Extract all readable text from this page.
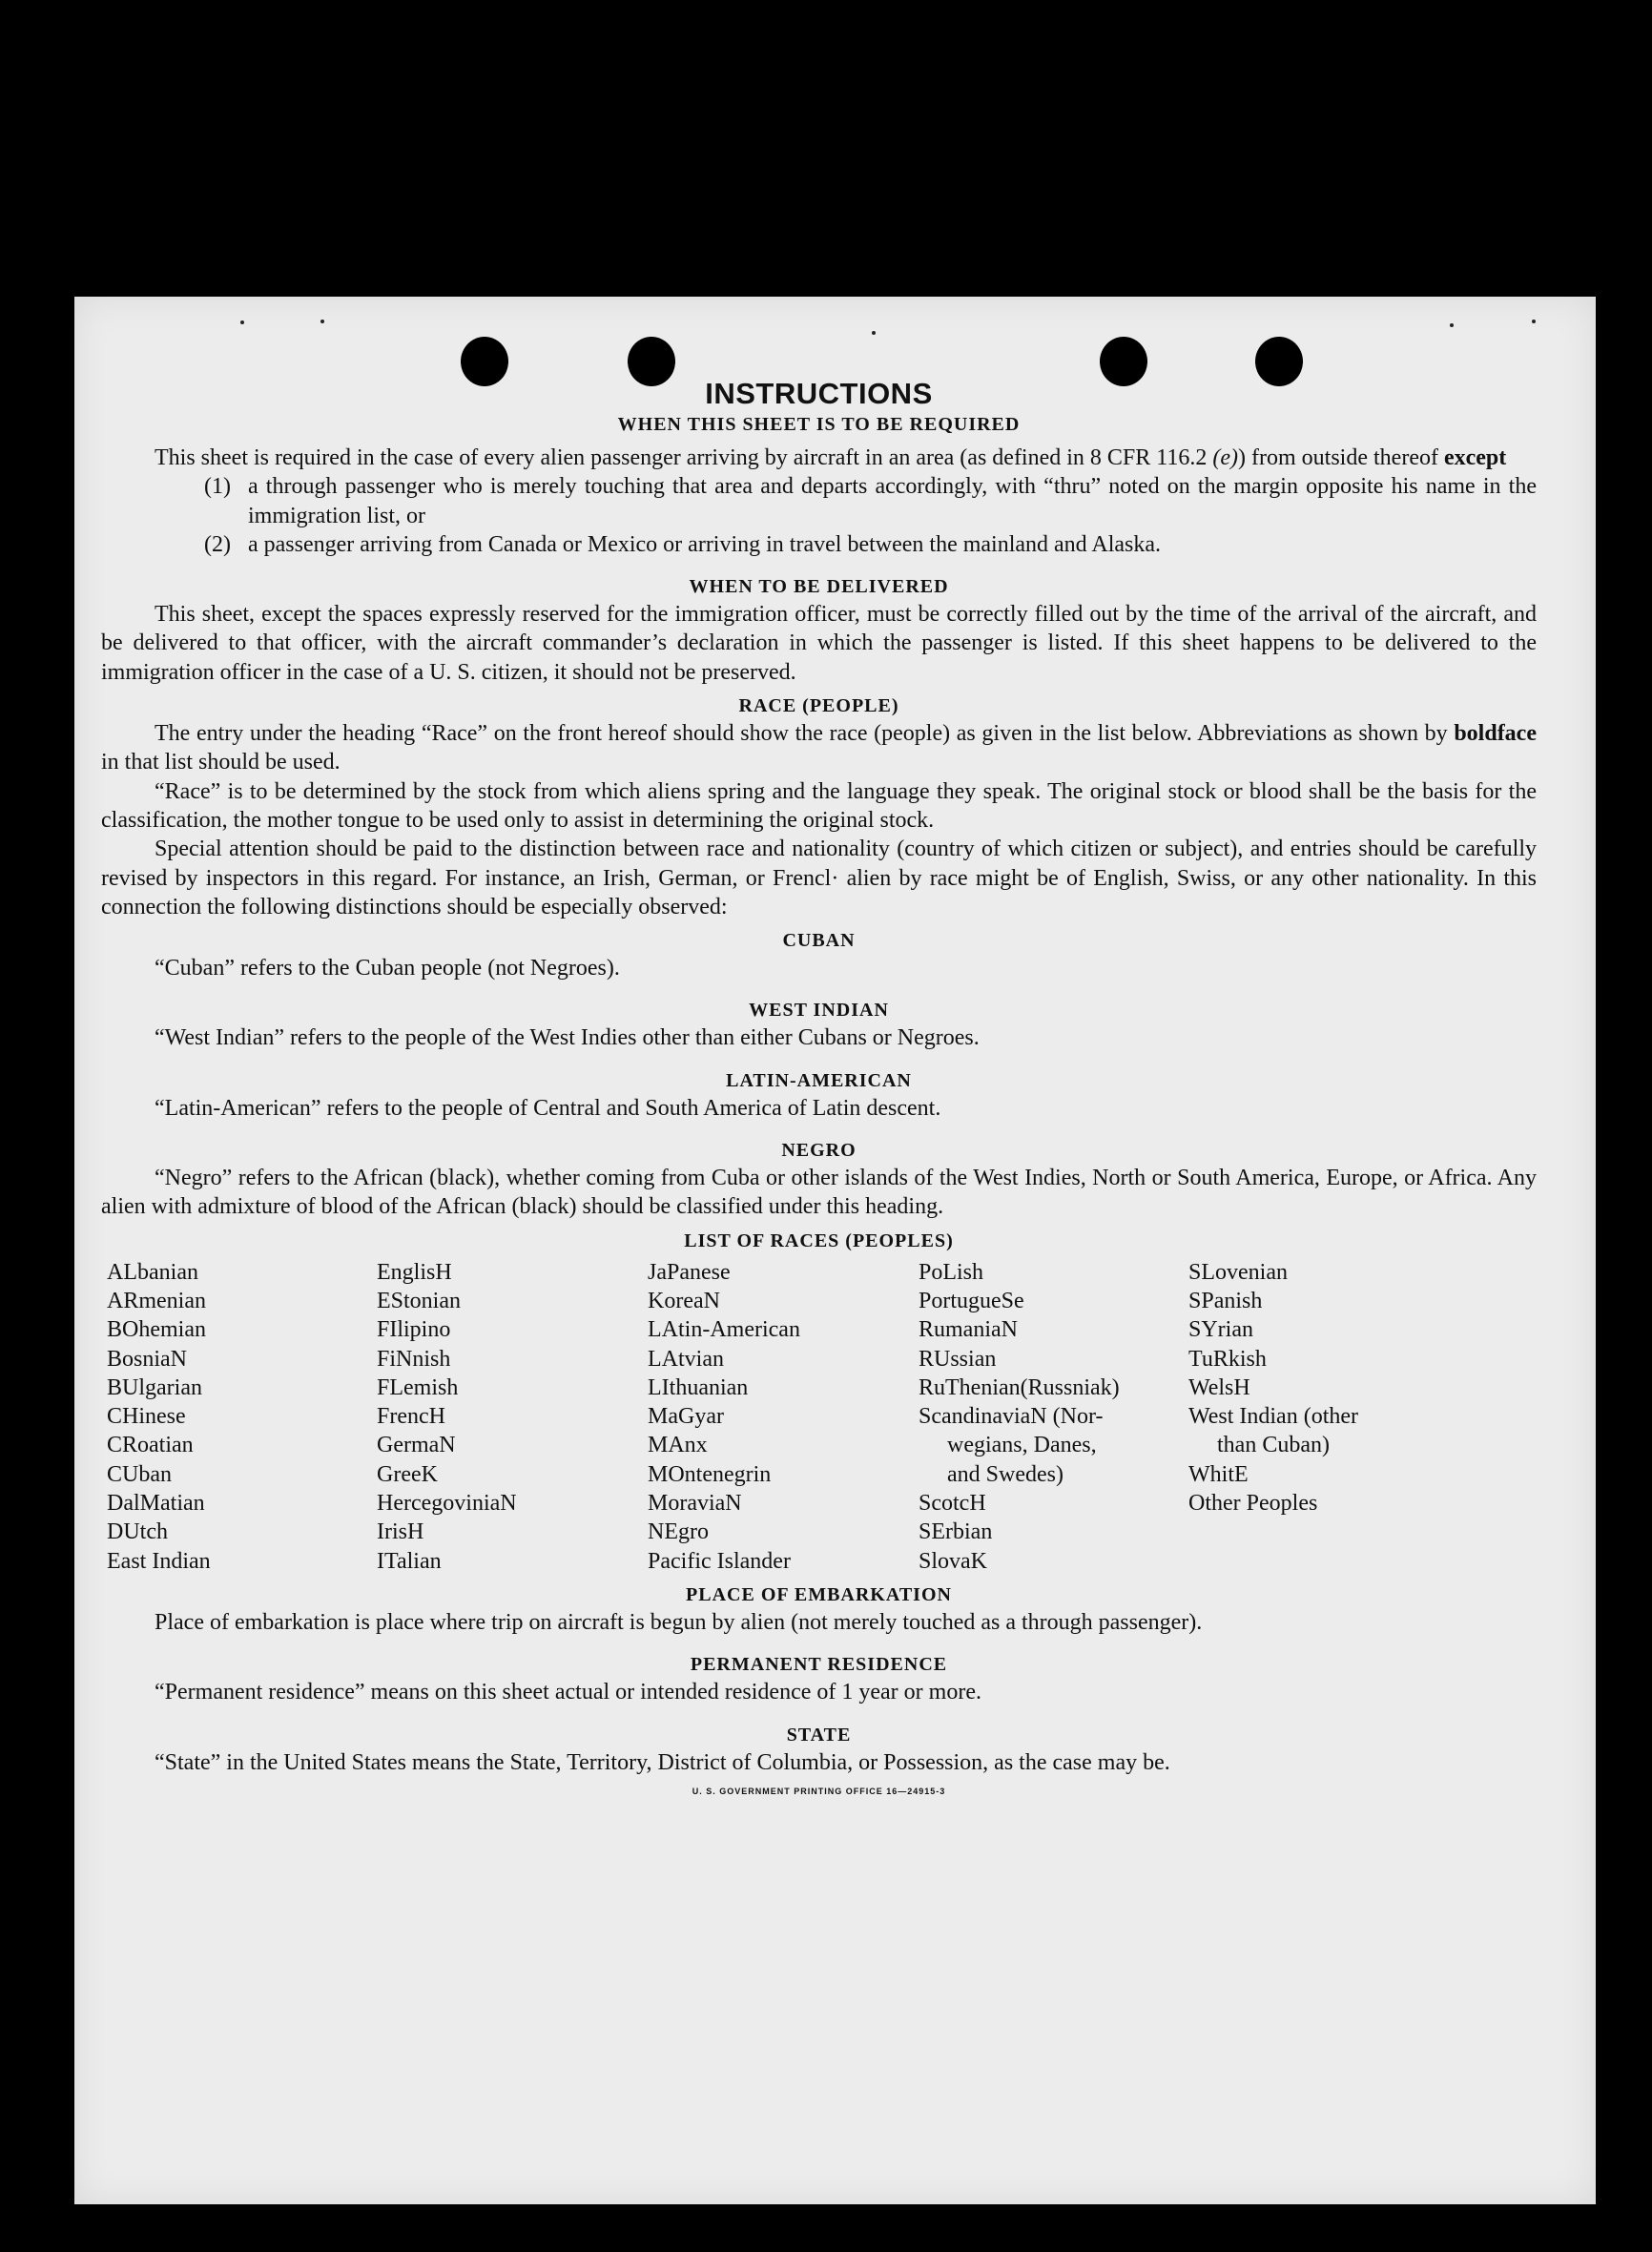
INSTRUCTIONS
WHEN THIS SHEET IS TO BE REQUIRED

This sheet is required in the case of every alien passenger arriving by aircraft in an area (as defined in 8 CFR 116.2 (e)) from outside thereof except

(1) a through passenger who is merely touching that area and departs accordingly, with “thru” noted on the margin opposite his name in the immigration list, or
(2) a passenger arriving from Canada or Mexico or arriving in travel between the mainland and Alaska.
WHEN TO BE DELIVERED

This sheet, except the spaces expressly reserved for the immigration officer, must be correctly filled out by the time of the arrival of the aircraft, and be delivered to that officer, with the aircraft commander’s declaration in which the passenger is listed. If this sheet happens to be delivered to the immigration officer in the case of a U. S. citizen, it should not be preserved.

RACE (PEOPLE)

The entry under the heading “Race” on the front hereof should show the race (people) as given in the list below. Abbreviations as shown by boldface in that list should be used.

“Race” is to be determined by the stock from which aliens spring and the language they speak. The original stock or blood shall be the basis for the classification, the mother tongue to be used only to assist in determining the original stock.

Special attention should be paid to the distinction between race and nationality (country of which citizen or subject), and entries should be carefully revised by inspectors in this regard. For instance, an Irish, German, or Frencl· alien by race might be of English, Swiss, or any other nationality. In this connection the following distinctions should be especially observed:

CUBAN

“Cuban” refers to the Cuban people (not Negroes).

WEST INDIAN

“West Indian” refers to the people of the West Indies other than either Cubans or Negroes.

LATIN-AMERICAN

“Latin-American” refers to the people of Central and South America of Latin descent.

NEGRO

“Negro” refers to the African (black), whether coming from Cuba or other islands of the West Indies, North or South America, Europe, or Africa. Any alien with admixture of blood of the African (black) should be classified under this heading.

LIST OF RACES (PEOPLES)
ALbanian
ARmenian
BOhemian
BosniaN
BUlgarian
CHinese
CRoatian
CUban
DalMatian
DUtch
East Indian
EnglisH
EStonian
FIlipino
FiNnish
FLemish
FrencH
GermaN
GreeK
HercegoviniaN
IrisH
ITalian
JaPanese
KoreaN
LAtin-American
LAtvian
LIthuanian
MaGyar
MAnx
MOntenegrin
MoraviaN
NEgro
Pacific Islander
PoLish
PortugueSe
RumaniaN
RUssian
RuThenian(Russniak)
ScandinaviaN (Nor-
wegians, Danes,
and Swedes)
ScotcH
SErbian
SlovaK
SLovenian
SPanish
SYrian
TuRkish
WelsH
West Indian (other
than Cuban)
WhitE
Other Peoples
PLACE OF EMBARKATION

Place of embarkation is place where trip on aircraft is begun by alien (not merely touched as a through passenger).

PERMANENT RESIDENCE

“Permanent residence” means on this sheet actual or intended residence of 1 year or more.

STATE

“State” in the United States means the State, Territory, District of Columbia, or Possession, as the case may be.

U. S. GOVERNMENT PRINTING OFFICE 16—24915-3
